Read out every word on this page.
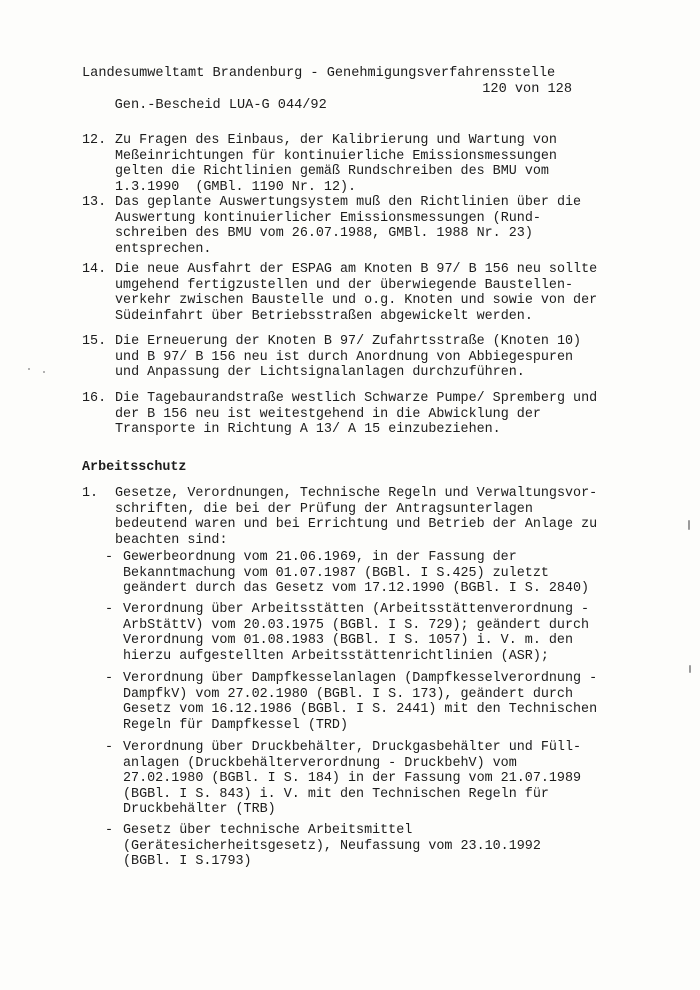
Landesumweltamt Brandenburg - Genehmigungsverfahrensstelle

Gen.-Bescheid LUA-G 044/92

120 von 128

12. Zu Fragen des Einbaus, der Kalibrierung und Wartung von
Meßeinrichtungen für kontinuierliche Emissionsmessungen
gelten die Richtlinien gemäß Rundschreiben des BMU vom
1.3.1990  (GMBl. 1190 Nr. 12).
13. Das geplante Auswertungsystem muß den Richtlinien über die
Auswertung kontinuierlicher Emissionsmessungen (Rund-
schreiben des BMU vom 26.07.1988, GMBl. 1988 Nr. 23)
entsprechen.
14. Die neue Ausfahrt der ESPAG am Knoten B 97/ B 156 neu sollte
umgehend fertigzustellen und der überwiegende Baustellen-
verkehr zwischen Baustelle und o.g. Knoten und sowie von der
Südeinfahrt über Betriebsstraßen abgewickelt werden.
15. Die Erneuerung der Knoten B 97/ Zufahrtsstraße (Knoten 10)
und B 97/ B 156 neu ist durch Anordnung von Abbiegespuren
und Anpassung der Lichtsignalanlagen durchzuführen.
16. Die Tagebaurandstraße westlich Schwarze Pumpe/ Spremberg und
der B 156 neu ist weitestgehend in die Abwicklung der
Transporte in Richtung A 13/ A 15 einzubeziehen.
Arbeitsschutz
1. Gesetze, Verordnungen, Technische Regeln und Verwaltungsvor-
schriften, die bei der Prüfung der Antragsunterlagen
bedeutend waren und bei Errichtung und Betrieb der Anlage zu
beachten sind:
- Gewerbeordnung vom 21.06.1969, in der Fassung der
Bekanntmachung vom 01.07.1987 (BGBl. I S.425) zuletzt
geändert durch das Gesetz vom 17.12.1990 (BGBl. I S. 2840)
- Verordnung über Arbeitsstätten (Arbeitsstättenverordnung -
ArbStättV) vom 20.03.1975 (BGBl. I S. 729); geändert durch
Verordnung vom 01.08.1983 (BGBl. I S. 1057) i. V. m. den
hierzu aufgestellten Arbeitsstättenrichtlinien (ASR);
- Verordnung über Dampfkesselanlagen (Dampfkesselverordnung -
DampfkV) vom 27.02.1980 (BGBl. I S. 173), geändert durch
Gesetz vom 16.12.1986 (BGBl. I S. 2441) mit den Technischen
Regeln für Dampfkessel (TRD)
- Verordnung über Druckbehälter, Druckgasbehälter und Füll-
anlagen (Druckbehälterverordnung - DruckbehV) vom
27.02.1980 (BGBl. I S. 184) in der Fassung vom 21.07.1989
(BGBl. I S. 843) i. V. mit den Technischen Regeln für
Druckbehälter (TRB)
- Gesetz über technische Arbeitsmittel
(Gerätesicherheitsgesetz), Neufassung vom 23.10.1992
(BGBl. I S.1793)
